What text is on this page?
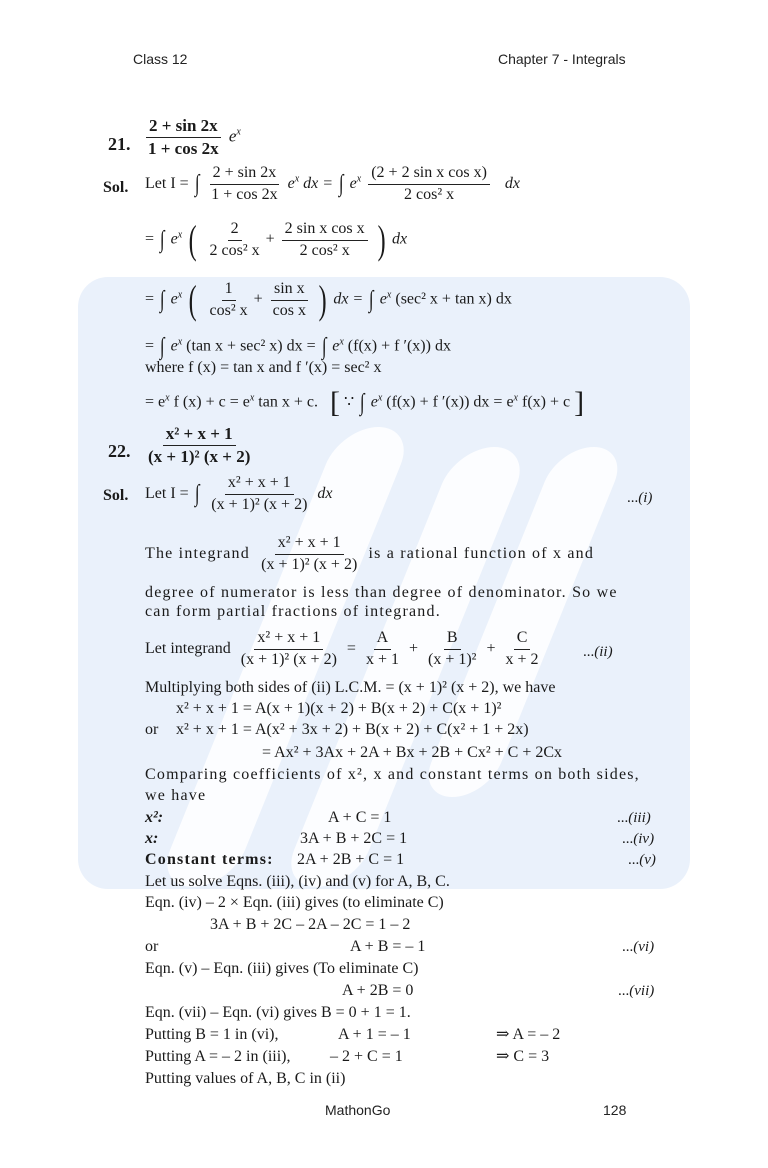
Class 12	Chapter 7 - Integrals
21. $\frac{2 + \sin 2x}{1 + \cos 2x} e^x$
Sol. Let I = ∫ $\frac{2 + \sin 2x}{1 + \cos 2x} e^x$ dx = ∫ $e^x \frac{\text{(2 + 2 sin x cos x)}}{\text{2 cos² x}}$ dx
= ∫ $e^x$ ( $\frac{2}{\text{2 cos² x}} + \frac{\text{2 sin x cos x}}{\text{2 cos² x}}$ ) dx
= ∫ $e^x$ ( $\frac{1}{\text{cos² x}} + \frac{\text{sin x}}{\text{cos x}}$ ) dx = ∫ $e^x$ (sec² x + tan x) dx
= ∫ $e^x$ (tan x + sec² x) dx = ∫ $e^x$ (f(x) + f ′(x)) dx
where f (x) = tan x and f ′(x) = sec² x
= $e^x$ f $(x) + c = e^x$ tan x + c. [ ∵ ∫ $e^x$ (f(x) + f ′(x)) dx = $e^x$ f(x) + c ]
22. $\frac{\text{x² + x + 1}}{\text{(x + 1)² (x + 2)}}$
Sol. Let I = ∫ $\frac{\text{x² + x + 1}}{\text{(x + 1)² (x + 2)}}$ dx	...(i)
The integrand $\frac{\text{x² + x + 1}}{\text{(x + 1)² (x + 2)}}$ is a rational function of x and
degree of numerator is less than degree of denominator. So we
can form partial fractions of integrand.
Let integrand $\frac{\text{x² + x + 1}}{\text{(x + 1)² (x + 2)}} = \frac{A}{x + 1} + \frac{B}{\text{(x + 1)²}} + \frac{C}{x + 2}$	...(ii)
Multiplying both sides of (ii) L.C.M. = (x + 1)² (x + 2), we have
x² + x + 1 = A(x + 1)(x + 2) + B(x + 2) + C(x + 1)²
or x² + x + 1 = A(x² + 3x + 2) + B(x + 2) + C(x² + 1 + 2x)
= Ax² + 3Ax + 2A + Bx + 2B + Cx² + C + 2Cx
Comparing coefficients of x², x and constant terms on both sides,
we have
x²:	A + C = 1	...(iii)
x:	3A + B + 2C = 1	...(iv)
Constant terms: 2A + 2B + C = 1	...(v)
Let us solve Eqns. (iii), (iv) and (v) for A, B, C.
Eqn. (iv) – 2 × Eqn. (iii) gives (to eliminate C)
3A + B + 2C – 2A – 2C = 1 – 2
or	A + B = – 1	...(vi)
Eqn. (v) – Eqn. (iii) gives (To eliminate C)
A + 2B = 0	...(vii)
Eqn. (vii) – Eqn. (vi) gives B = 0 + 1 = 1.
Putting B = 1 in (vi),	A + 1 = – 1	⇒ A = – 2
Putting A = – 2 in (iii), – 2 + C = 1	⇒ C = 3
Putting values of A, B, C in (ii)
MathonGo	128
